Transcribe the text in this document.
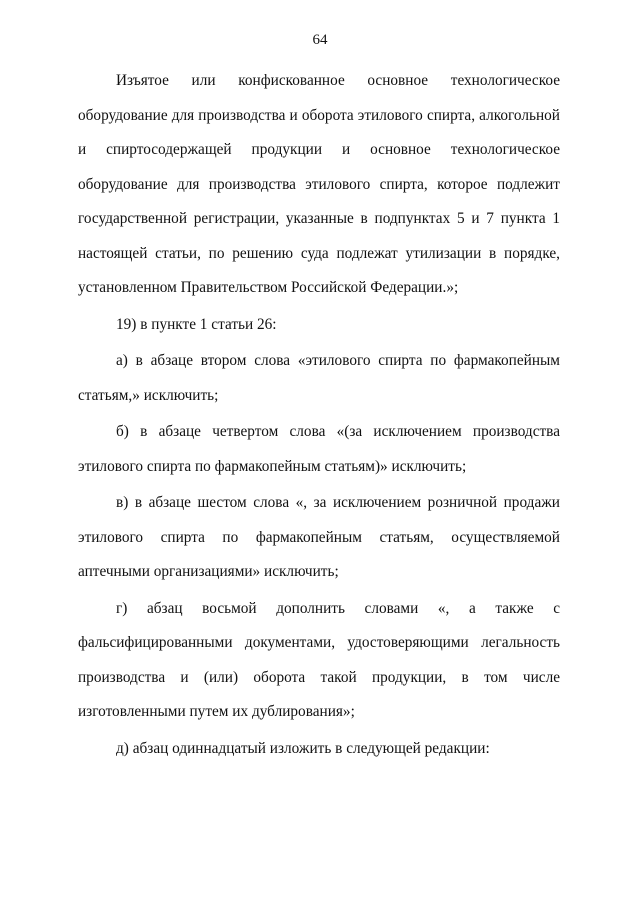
64

Изъятое или конфискованное основное технологическое оборудование для производства и оборота этилового спирта, алкогольной и спиртосодержащей продукции и основное технологическое оборудование для производства этилового спирта, которое подлежит государственной регистрации, указанные в подпунктах 5 и 7 пункта 1 настоящей статьи, по решению суда подлежат утилизации в порядке, установленном Правительством Российской Федерации.»;

19) в пункте 1 статьи 26:

а) в абзаце втором слова «этилового спирта по фармакопейным статьям,» исключить;

б) в абзаце четвертом слова «(за исключением производства этилового спирта по фармакопейным статьям)» исключить;

в) в абзаце шестом слова «, за исключением розничной продажи этилового спирта по фармакопейным статьям, осуществляемой аптечными организациями» исключить;

г) абзац восьмой дополнить словами «, а также с фальсифицированными документами, удостоверяющими легальность производства и (или) оборота такой продукции, в том числе изготовленными путем их дублирования»;

д) абзац одиннадцатый изложить в следующей редакции:
